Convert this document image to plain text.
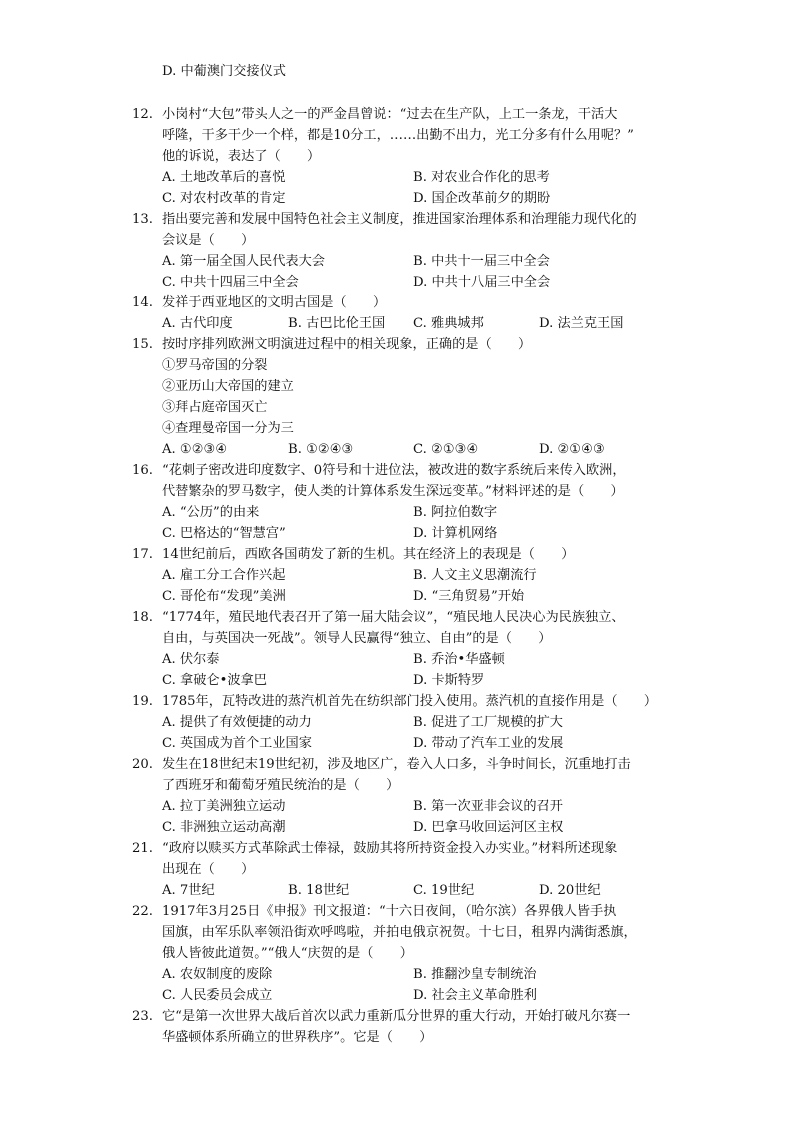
D. 中葡澳门交接仪式
12. 小岗村“大包”带头人之一的严金昌曾说：“过去在生产队，上工一条龙，干活大
呼隆，干多干少一个样，都是10分工，……出勤不出力，光工分多有什么用呢？”
他的诉说，表达了（　　）
A. 土地改革后的喜悦	B. 对农业合作化的思考
C. 对农村改革的肯定	D. 国企改革前夕的期盼
13. 指出要完善和发展中国特色社会主义制度，推进国家治理体系和治理能力现代化的
会议是（　　）
A. 第一届全国人民代表大会	B. 中共十一届三中全会
C. 中共十四届三中全会	D. 中共十八届三中全会
14. 发祥于西亚地区的文明古国是（　　）
A. 古代印度	B. 古巴比伦王国 C. 雅典城邦	D. 法兰克王国
15. 按时序排列欧洲文明演进过程中的相关现象，正确的是（　　）
①罗马帝国的分裂
②亚历山大帝国的建立
③拜占庭帝国灭亡
④查理曼帝国一分为三
A. ①②③④	B. ①②④③	C. ②①③④	D. ②①④③
16. “花刺子密改进印度数字、0符号和十进位法，被改进的数字系统后来传入欧洲，
代替繁杂的罗马数字，使人类的计算体系发生深远变革。”材料评述的是（　　）
A. “公历”的由来	B. 阿拉伯数字
C. 巴格达的“智慧宫”	D. 计算机网络
17. 14世纪前后，西欧各国萌发了新的生机。其在经济上的表现是（　　）
A. 雇工分工合作兴起	B. 人文主义思潮流行
C. 哥伦布“发现”美洲	D. “三角贸易”开始
18. “1774年，殖民地代表召开了第一届大陆会议”，“殖民地人民决心为民族独立、
自由，与英国决一死战”。领导人民赢得“独立、自由”的是（　　）
A. 伏尔泰	B. 乔治•华盛顿
C. 拿破仑•波拿巴	D. 卡斯特罗
19. 1785年，瓦特改进的蒸汽机首先在纺织部门投入使用。蒸汽机的直接作用是（　　）
A. 提供了有效便捷的动力	B. 促进了工厂规模的扩大
C. 英国成为首个工业国家	D. 带动了汽车工业的发展
20. 发生在18世纪末19世纪初，涉及地区广，卷入人口多，斗争时间长，沉重地打击
了西班牙和葡萄牙殖民统治的是（　　）
A. 拉丁美洲独立运动	B. 第一次亚非会议的召开
C. 非洲独立运动高潮	D. 巴拿马收回运河区主权
21. “政府以赎买方式革除武士俸禄，鼓励其将所持资金投入办实业。”材料所述现象
出现在（　　）
A. 7世纪	B. 18世纪	C. 19世纪	D. 20世纪
22. 1917年3月25日《申报》刊文报道：“十六日夜间，（哈尔滨）各界俄人皆手执
国旗，由军乐队率领沿街欢呼鸣啦，并拍电俄京祝贺。十七日，租界内满街悉旗，
俄人皆彼此道贺。”“俄人“庆贺的是（　　）
A. 农奴制度的废除	B. 推翻沙皇专制统治
C. 人民委员会成立	D. 社会主义革命胜利
23. 它“是第一次世界大战后首次以武力重新瓜分世界的重大行动，开始打破凡尔赛一
华盛顿体系所确立的世界秩序”。它是（　　）
